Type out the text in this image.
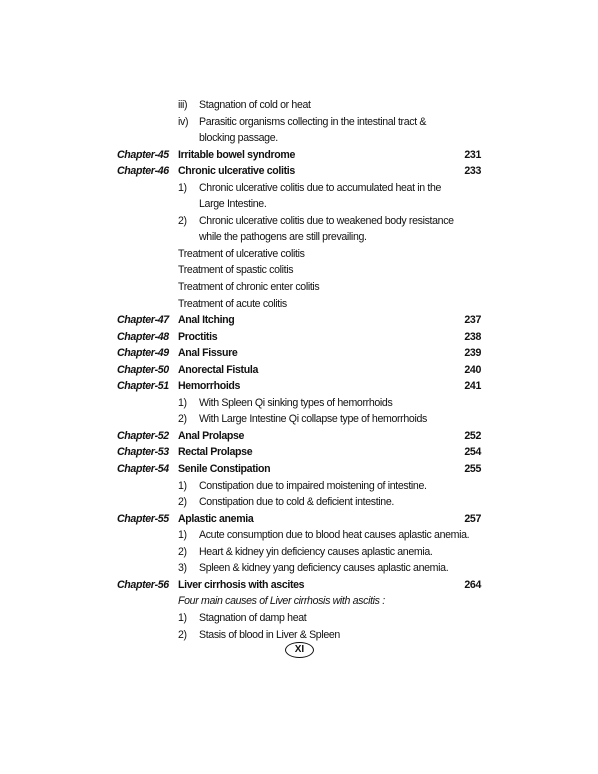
iii) Stagnation of cold or heat
iv) Parasitic organisms collecting in the intestinal tract &
blocking passage.
Chapter-45 Irritable bowel syndrome	231
Chapter-46 Chronic ulcerative colitis	233
1) Chronic ulcerative colitis due to accumulated heat in the
Large Intestine.
2) Chronic ulcerative colitis due to weakened body resistance
while the pathogens are still prevailing.
Treatment of ulcerative colitis
Treatment of spastic colitis
Treatment of chronic enter colitis
Treatment of acute colitis
Chapter-47 Anal Itching	237
Chapter-48 Proctitis	238
Chapter-49 Anal Fissure	239
Chapter-50 Anorectal Fistula	240
Chapter-51 Hemorrhoids	241
1) With Spleen Qi sinking types of hemorrhoids
2) With Large Intestine Qi collapse type of hemorrhoids
Chapter-52 Anal Prolapse	252
Chapter-53 Rectal Prolapse	254
Chapter-54 Senile Constipation	255
1) Constipation due to impaired moistening of intestine.
2) Constipation due to cold & deficient intestine.
Chapter-55 Aplastic anemia	257
1) Acute consumption due to blood heat causes aplastic anemia.
2) Heart & kidney yin deficiency causes aplastic anemia.
3) Spleen & kidney yang deficiency causes aplastic anemia.
Chapter-56 Liver cirrhosis with ascites	264
Four main causes of Liver cirrhosis with ascitis :
1) Stagnation of damp heat
2) Stasis of blood in Liver & Spleen
XI
